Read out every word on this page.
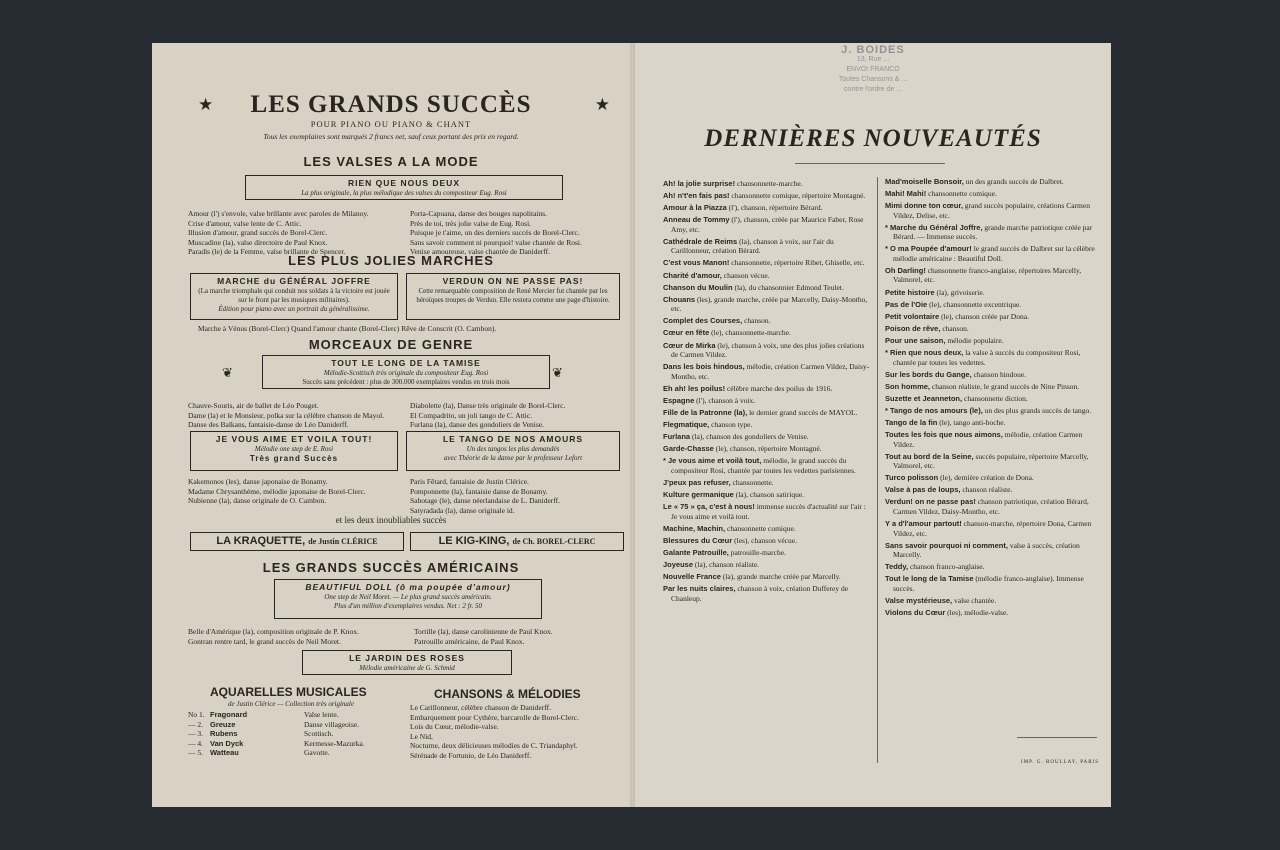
★	★
LES GRANDS SUCCÈS
POUR PIANO OU PIANO & CHANT
Tous les exemplaires sont marqués 2 francs net, sauf ceux portant des prix en regard.
LES VALSES A LA MODE
RIEN QUE NOUS DEUX
La plus originale, la plus mélodique des valses du compositeur Eug. Rosi
Amour (l') s'envole, valse brillante avec paroles de Milanoy.
Crise d'amour, valse lente de C. Attic.
Illusion d'amour, grand succès de Borel-Clerc.
Muscadine (la), valse directoire de Paul Knox.
Paradis (le) de la Femme, valse brillante de Spencer.
Porta-Capuana, danse des bouges napolitains.
Près de toi, très jolie valse de Eug. Rosi.
Puisque je t'aime, un des derniers succès de Borel-Clerc.
Sans savoir comment ni pourquoi! valse chantée de Rosi.
Venise amoureuse, valse chantée de Daniderff.
LES PLUS JOLIES MARCHES
MARCHE du GÉNÉRAL JOFFRE
(La marche triomphale qui conduit nos soldats à la victoire est jouée sur le front par les musiques militaires).
Édition pour piano avec un portrait du généralissime.
VERDUN ON NE PASSE PAS!
Cette remarquable composition de René Mercier fut chantée par les héroïques troupes de Verdun. Elle restera comme une page d'histoire.
Marche à Vénus (Borel-Clerc) Quand l'amour chante (Borel-Clerc) Rêve de Conscrit (O. Cambon).
MORCEAUX DE GENRE
❦	❦
TOUT LE LONG DE LA TAMISE
Mélodie-Scottisch très originale du compositeur Eug. Rosi
Succès sans précédent : plus de 300.000 exemplaires vendus en trois mois
Chauve-Souris, air de ballet de Léo Pouget.
Dame (la) et le Monsieur, polka sur la célèbre chanson de Mayol.
Danse des Balkans, fantaisie-danse de Léo Daniderff.
Diabolette (la), Danse très originale de Borel-Clerc.
El Compadrito, un joli tango de C. Attic.
Furlana (la), danse des gondoliers de Venise.
JE VOUS AIME ET VOILA TOUT!
Mélodie one step de E. Rosi
Très grand Succès
LE TANGO DE NOS AMOURS
Un des tangos les plus demandés
avec Théorie de la danse par le professeur Lefort
Kakemonos (les), danse japonaise de Bonamy.
Madame Chrysanthème, mélodie japonaise de Borel-Clerc.
Nubienne (la), danse originale de O. Cambon.
Paris Fêtard, fantaisie de Justin Clérice.
Pomponnette (la), fantaisie danse de Bonamy.
Sabotage (le), danse néerlandaise de L. Daniderff.
Satyradada (la), danse originale id.
et les deux inoubliables succès
LA KRAQUETTE, de Justin CLÉRICE	LE KIG-KING, de Ch. BOREL-CLERC
LES GRANDS SUCCÈS AMÉRICAINS
BEAUTIFUL DOLL (ô ma poupée d'amour)
One step de Neil Moret. — Le plus grand succès américain.
Plus d'un million d'exemplaires vendus. Net : 2 fr. 50
Belle d'Amérique (la), composition originale de P. Knox.
Gontran rentre tard, le grand succès de Neil Moret.
Tortille (la), danse carolinienne de Paul Knox.
Patrouille américaine, de Paul Knox.
LE JARDIN DES ROSES
Mélodie américaine de G. Schmid
AQUARELLES MUSICALES
de Justin Clérice — Collection très originale
No 1. Fragonard	Valse lente.
— 2. Greuze	Danse villageoise.
— 3. Rubens	Scottisch.
— 4. Van Dyck	Kermesse-Mazurka.
— 5. Watteau	Gavotte.
CHANSONS & MÉLODIES
Le Carillonneur, célèbre chanson de Daniderff.
Embarquement pour Cythère, barcarolle de Borel-Clerc.
Lois du Cœur, mélodie-valse.
Le Nid,
Nocturne, deux délicieuses mélodies de C. Triandaphyl.
Sérénade de Fortunio, de Léo Daniderff.
J. BOIDES
13, Rue ...
ENVOI FRANCO
Toutes Chansons & ...
contre l'ordre de ...
DERNIÈRES NOUVEAUTÉS

Ah! la jolie surprise! chansonnette-marche.

Ah! n't'en fais pas! chansonnette comique, répertoire Montagné.

Amour à la Piazza (l'), chanson, répertoire Bérard.

Anneau de Tommy (l'), chanson, créée par Maurice Faber, Rose Amy, etc.

Cathédrale de Reims (la), chanson à voix, sur l'air du Carillonneur, création Bérard.

C'est vous Manon! chansonnette, répertoire Ribet, Ghiselle, etc.

Charité d'amour, chanson vécue.

Chanson du Moulin (la), du chansonnier Edmond Teulet.

Chouans (les), grande marche, créée par Marcelly, Daisy-Montho, etc.

Complet des Courses, chanson.

Cœur en fête (le), chansonnette-marche.

Cœur de Mirka (le), chanson à voix, une des plus jolies créations de Carmen Vildez.

Dans les bois hindous, mélodie, création Carmen Vildez, Daisy-Montho, etc.

Eh ah! les poilus! célèbre marche des poilus de 1916.

Espagne (l'), chanson à voix.

Fille de la Patronne (la), le dernier grand succès de MAYOL.

Flegmatique, chanson type.

Furlana (la), chanson des gondoliers de Venise.

Garde-Chasse (le), chanson, répertoire Montagné.

* Je vous aime et voilà tout, mélodie, le grand succès du compositeur Rosi, chantée par toutes les vedettes parisiennes.

J'peux pas refuser, chansonnette.

Kulture germanique (la), chanson satirique.

Le « 75 » ça, c'est à nous! immense succès d'actualité sur l'air : Je vous aime et voilà tout.

Machine, Machin, chansonnette comique.

Blessures du Cœur (les), chanson vécue.

Galante Patrouille, patrouille-marche.

Joyeuse (la), chanson réaliste.

Nouvelle France (la), grande marche créée par Marcelly.

Par les nuits claires, chanson à voix, création Dufferey de Chanleup.

Mad'moiselle Bonsoir, un des grands succès de Dalbret.

Mahi! Mahi! chansonnette comique.

Mimi donne ton cœur, grand succès populaire, créations Carmen Vildez, Delise, etc.

* Marche du Général Joffre, grande marche patriotique créée par Bérard. — Immense succès.

* O ma Poupée d'amour! le grand succès de Dalbret sur la célèbre mélodie américaine : Beautiful Doll.

Oh Darling! chansonnette franco-anglaise, répertoires Marcelly, Valmorel, etc.

Petite histoire (la), grivoiserie.

Pas de l'Oie (le), chansonnette excentrique.

Petit volontaire (le), chanson créée par Dona.

Poison de rêve, chanson.

Pour une saison, mélodie populaire.

* Rien que nous deux, la valse à succès du compositeur Rosi, chantée par toutes les vedettes.

Sur les bords du Gange, chanson hindoue.

Son homme, chanson réaliste, le grand succès de Nine Pinson.

Suzette et Jeanneton, chansonnette diction.

* Tango de nos amours (le), un des plus grands succès de tango.

Tango de la fin (le), tango anti-boche.

Toutes les fois que nous aimons, mélodie, création Carmen Vildez.

Tout au bord de la Seine, succès populaire, répertoire Marcelly, Valmorel, etc.

Turco polisson (le), dernière création de Dona.

Valse à pas de loups, chanson réaliste.

Verdun! on ne passe pas! chanson patriotique, création Bérard, Carmen Vildez, Daisy-Montho, etc.

Y a d'l'amour partout! chanson-marche, répertoire Dona, Carmen Vildez, etc.

Sans savoir pourquoi ni comment, valse à succès, création Marcelly.

Teddy, chanson franco-anglaise.

Tout le long de la Tamise (mélodie franco-anglaise). Immense succès.

Valse mystérieuse, valse chantée.

Violons du Cœur (les), mélodie-valse.

IMP. G. ROULLAY, PARIS
